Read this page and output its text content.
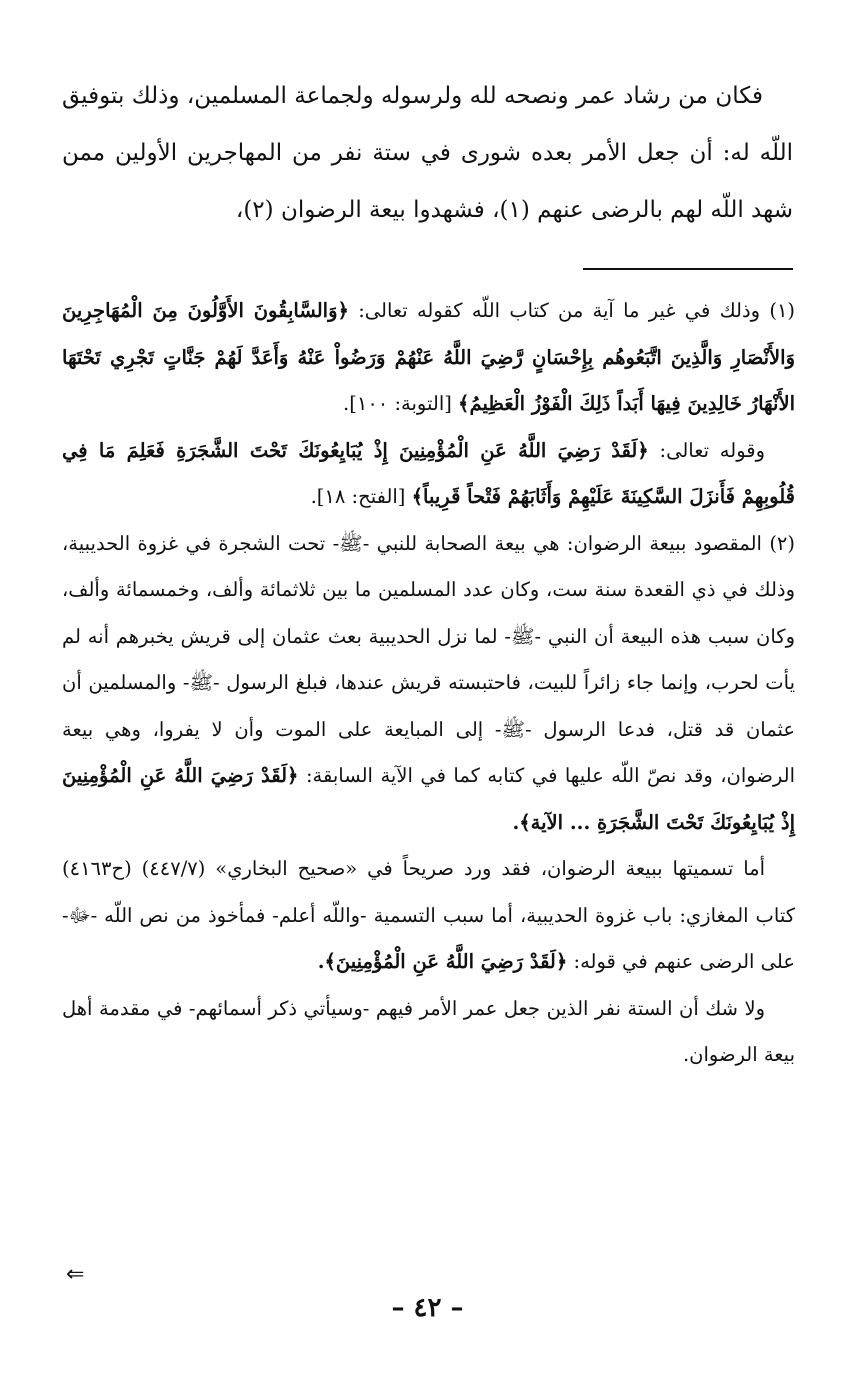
فكان من رشاد عمر ونصحه لله ولرسوله ولجماعة المسلمين، وذلك بتوفيق اللّه له: أن جعل الأمر بعده شورى في ستة نفر من المهاجرين الأولين ممن شهد اللّه لهم بالرضى عنهم (١)، فشهدوا بيعة الرضوان (٢)،

(١) وذلك في غير ما آية من كتاب اللّه كقوله تعالى: ﴿وَالسَّابِقُونَ الأَوَّلُونَ مِنَ الْمُهَاجِرِينَ وَالأَنْصَارِ وَالَّذِينَ اتَّبَعُوهُم بِإِحْسَانٍ رَّضِيَ اللَّهُ عَنْهُمْ وَرَضُواْ عَنْهُ وَأَعَدَّ لَهُمْ جَنَّاتٍ تَجْرِي تَحْتَهَا الأَنْهَارُ خَالِدِينَ فِيهَا أَبَداً ذَلِكَ الْفَوْزُ الْعَظِيمُ﴾ [التوبة: ١٠٠].

وقوله تعالى: ﴿لَقَدْ رَضِيَ اللَّهُ عَنِ الْمُؤْمِنِينَ إِذْ يُبَايِعُونَكَ تَحْتَ الشَّجَرَةِ فَعَلِمَ مَا فِي قُلُوبِهِمْ فَأَنزَلَ السَّكِينَةَ عَلَيْهِمْ وَأَثَابَهُمْ فَتْحاً قَرِيباً﴾ [الفتح: ١٨].

(٢) المقصود ببيعة الرضوان: هي بيعة الصحابة للنبي -ﷺ- تحت الشجرة في غزوة الحديبية، وذلك في ذي القعدة سنة ست، وكان عدد المسلمين ما بين ثلاثمائة وألف، وخمسمائة وألف، وكان سبب هذه البيعة أن النبي -ﷺ- لما نزل الحديبية بعث عثمان إلى قريش يخبرهم أنه لم يأت لحرب، وإنما جاء زائراً للبيت، فاحتبسته قريش عندها، فبلغ الرسول -ﷺ- والمسلمين أن عثمان قد قتل، فدعا الرسول -ﷺ- إلى المبايعة على الموت وأن لا يفروا، وهي بيعة الرضوان، وقد نصّ اللّه عليها في كتابه كما في الآية السابقة: ﴿لَقَدْ رَضِيَ اللَّهُ عَنِ الْمُؤْمِنِينَ إِذْ يُبَايِعُونَكَ تَحْتَ الشَّجَرَةِ ... الآية﴾.

أما تسميتها ببيعة الرضوان، فقد ورد صريحاً في «صحيح البخاري» (٤٤٧/٧) (ح٤١٦٣) كتاب المغازي: باب غزوة الحديبية، أما سبب التسمية -واللّه أعلم- فمأخوذ من نص اللّه -ﷻ- على الرضى عنهم في قوله: ﴿لَقَدْ رَضِيَ اللَّهُ عَنِ الْمُؤْمِنِينَ﴾.

ولا شك أن الستة نفر الذين جعل عمر الأمر فيهم -وسيأتي ذكر أسمائهم- في مقدمة أهل بيعة الرضوان.

⇐
– ٤٢ –
